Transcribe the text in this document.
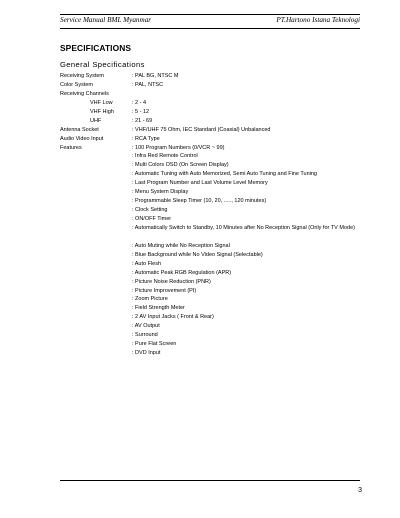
Service Manual BML Myanmar	PT.Hartono Istana Teknologi
SPECIFICATIONS
General Specifications
Receiving System	: PAL BG, NTSC M
Color System	: PAL, NTSC
Receiving Channels
VHF Low	: 2 - 4
VHF High	: 5 - 12
UHF	: 21 - 69
Antenna Socket	: VHF/UHF 75 Ohm, IEC Standard (Coaxial) Unbalanced
Audio Video Input	: RCA Type
Features	: 100 Program Numbers (0/VCR ~ 99)
: Infra Red Remote Control
: Multi Colors OSD (On Screen Display)
: Automatic Tuning with Auto Memorized, Semi Auto Tuning and Fine Tuning
: Last Program Number and Last Volume Level Memory
: Menu System Display
: Programmable Sleep Timer (10, 20, ....., 120 minutes)
: Clock Setting
: ON/OFF Timer
: Automatically Switch to Standby, 10 Minutes after No Reception Signal (Only for TV Mode)
: Auto Muting while No Reception Signal
: Blue Background while No Video Signal (Selectable)
: Auto Flesh
: Automatic Peak RGB Regulation (APR)
: Picture Noise Reduction (PNR)
: Picture Improvement (PI)
: Zoom Picture
: Field Strength Meter
: 2 AV Input Jacks ( Front & Rear)
: AV Output
: Surround
: Pure Flat Screen
: DVD Input
3
